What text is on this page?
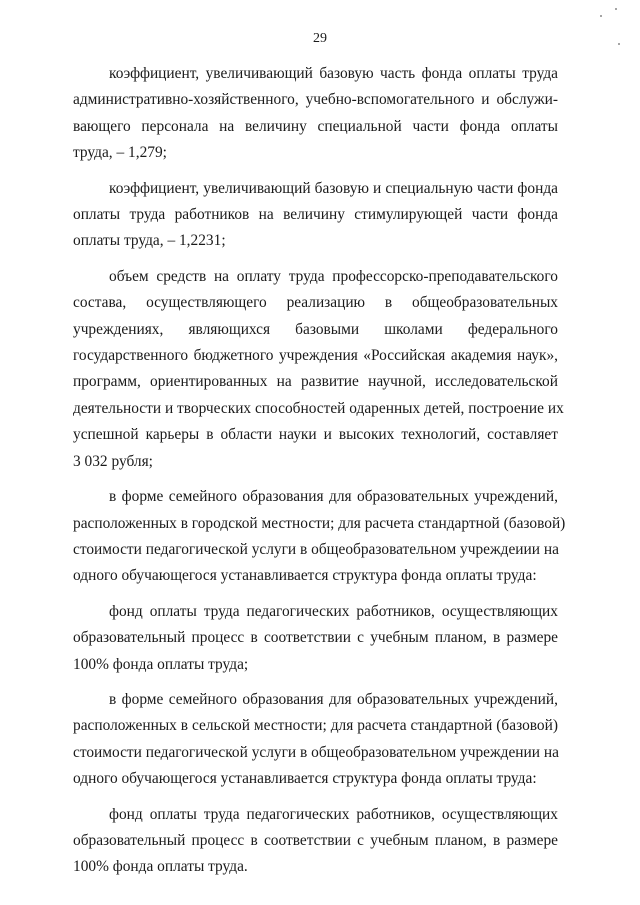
29

коэффициент, увеличивающий базовую часть фонда оплаты труда
административно-хозяйственного, учебно-вспомогательного и обслужи-
вающего персонала на величину специальной части фонда оплаты
труда, – 1,279;

коэффициент, увеличивающий базовую и специальную части фонда
оплаты труда работников на величину стимулирующей части фонда
оплаты труда, – 1,2231;

объем средств на оплату труда профессорско-преподавательского
состава, осуществляющего реализацию в общеобразовательных
учреждениях, являющихся базовыми школами федерального
государственного бюджетного учреждения «Российская академия наук»,
программ, ориентированных на развитие научной, исследовательской
деятельности и творческих способностей одаренных детей, построение их
успешной карьеры в области науки и высоких технологий, составляет
3 032 рубля;

в форме семейного образования для образовательных учреждений,
расположенных в городской местности; для расчета стандартной (базовой)
стоимости педагогической услуги в общеобразовательном учреждеиии на
одного обучающегося устанавливается структура фонда оплаты труда:

фонд оплаты труда педагогических работников, осуществляющих
образовательный процесс в соответствии с учебным планом, в размере
100% фонда оплаты труда;

в форме семейного образования для образовательных учреждений,
расположенных в сельской местности; для расчета стандартной (базовой)
стоимости педагогической услуги в общеобразовательном учреждении на
одного обучающегося устанавливается структура фонда оплаты труда:

фонд оплаты труда педагогических работников, осуществляющих
образовательный процесс в соответствии с учебным планом, в размере
100% фонда оплаты труда.
